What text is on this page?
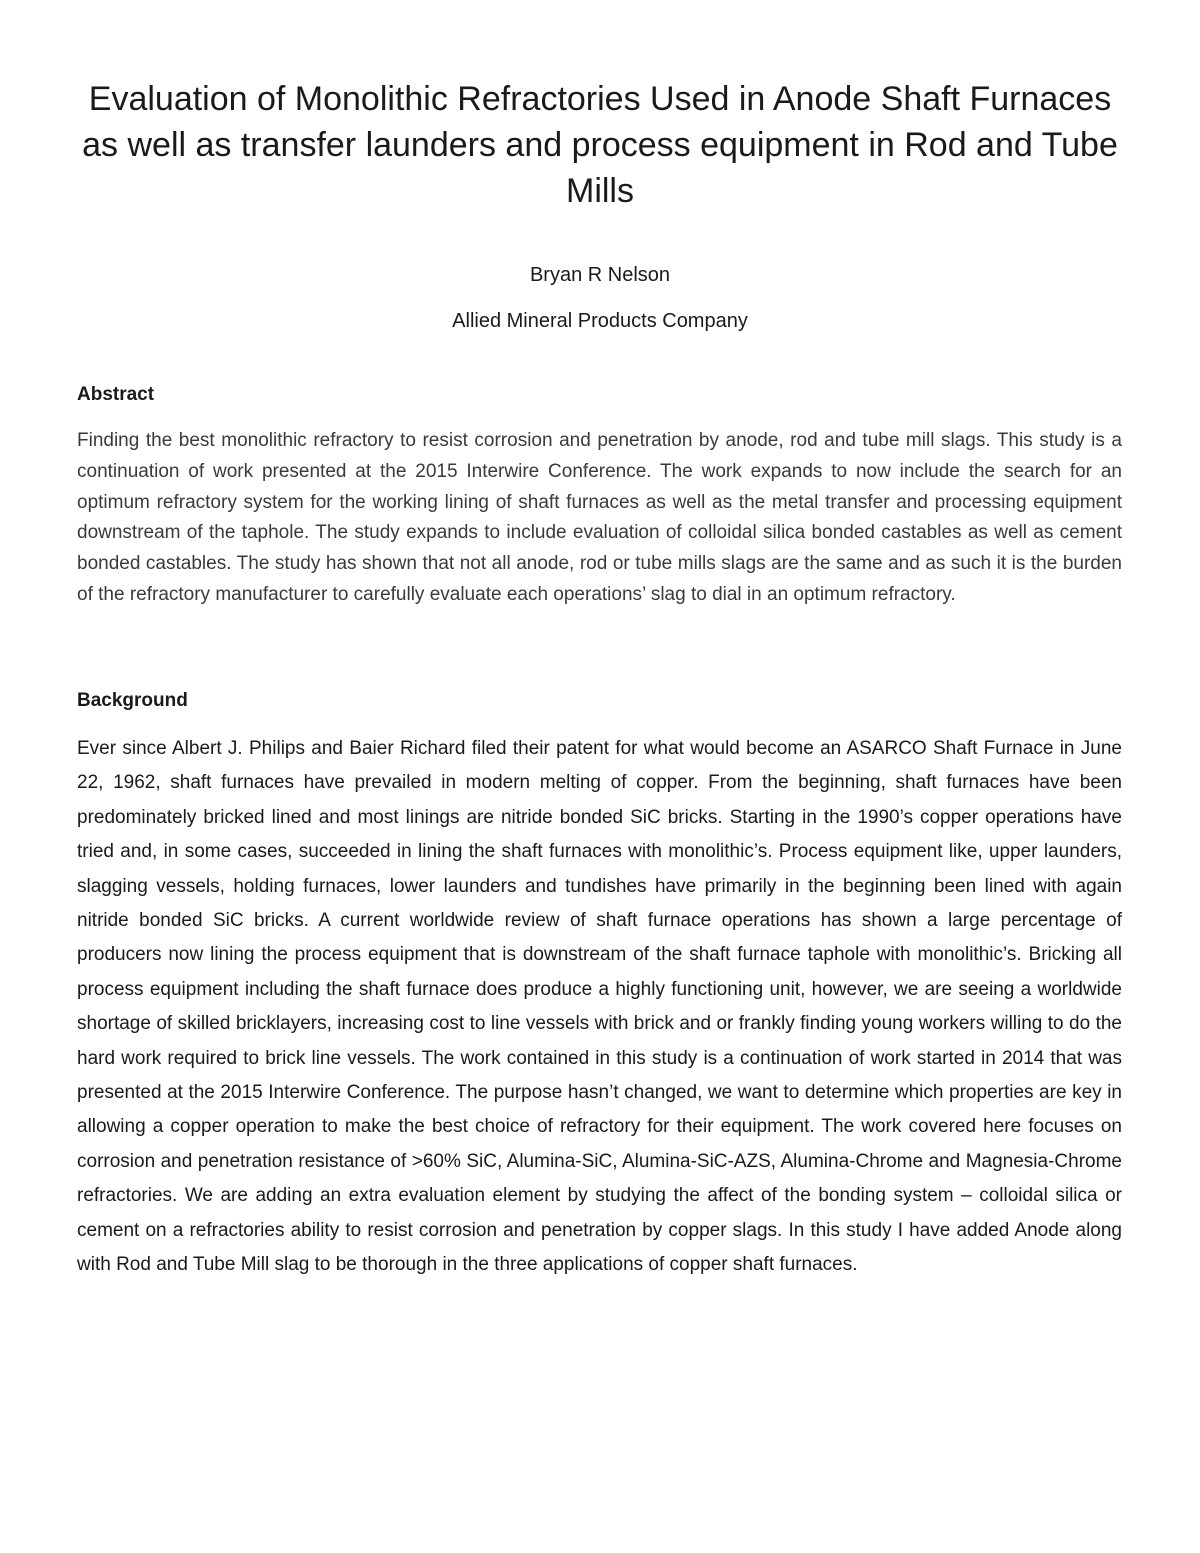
Evaluation of Monolithic Refractories Used in Anode Shaft Furnaces as well as transfer launders and process equipment in Rod and Tube Mills

Bryan R Nelson

Allied Mineral Products Company

Abstract

Finding the best monolithic refractory to resist corrosion and penetration by anode, rod and tube mill slags. This study is a continuation of work presented at the 2015 Interwire Conference. The work expands to now include the search for an optimum refractory system for the working lining of shaft furnaces as well as the metal transfer and processing equipment downstream of the taphole. The study expands to include evaluation of colloidal silica bonded castables as well as cement bonded castables. The study has shown that not all anode, rod or tube mills slags are the same and as such it is the burden of the refractory manufacturer to carefully evaluate each operations’ slag to dial in an optimum refractory.

Background

Ever since Albert J. Philips and Baier Richard filed their patent for what would become an ASARCO Shaft Furnace in June 22, 1962, shaft furnaces have prevailed in modern melting of copper. From the beginning, shaft furnaces have been predominately bricked lined and most linings are nitride bonded SiC bricks. Starting in the 1990’s copper operations have tried and, in some cases, succeeded in lining the shaft furnaces with monolithic’s. Process equipment like, upper launders, slagging vessels, holding furnaces, lower launders and tundishes have primarily in the beginning been lined with again nitride bonded SiC bricks. A current worldwide review of shaft furnace operations has shown a large percentage of producers now lining the process equipment that is downstream of the shaft furnace taphole with monolithic’s. Bricking all process equipment including the shaft furnace does produce a highly functioning unit, however, we are seeing a worldwide shortage of skilled bricklayers, increasing cost to line vessels with brick and or frankly finding young workers willing to do the hard work required to brick line vessels. The work contained in this study is a continuation of work started in 2014 that was presented at the 2015 Interwire Conference. The purpose hasn’t changed, we want to determine which properties are key in allowing a copper operation to make the best choice of refractory for their equipment. The work covered here focuses on corrosion and penetration resistance of >60% SiC, Alumina-SiC, Alumina-SiC-AZS, Alumina-Chrome and Magnesia-Chrome refractories. We are adding an extra evaluation element by studying the affect of the bonding system – colloidal silica or cement on a refractories ability to resist corrosion and penetration by copper slags. In this study I have added Anode along with Rod and Tube Mill slag to be thorough in the three applications of copper shaft furnaces.
